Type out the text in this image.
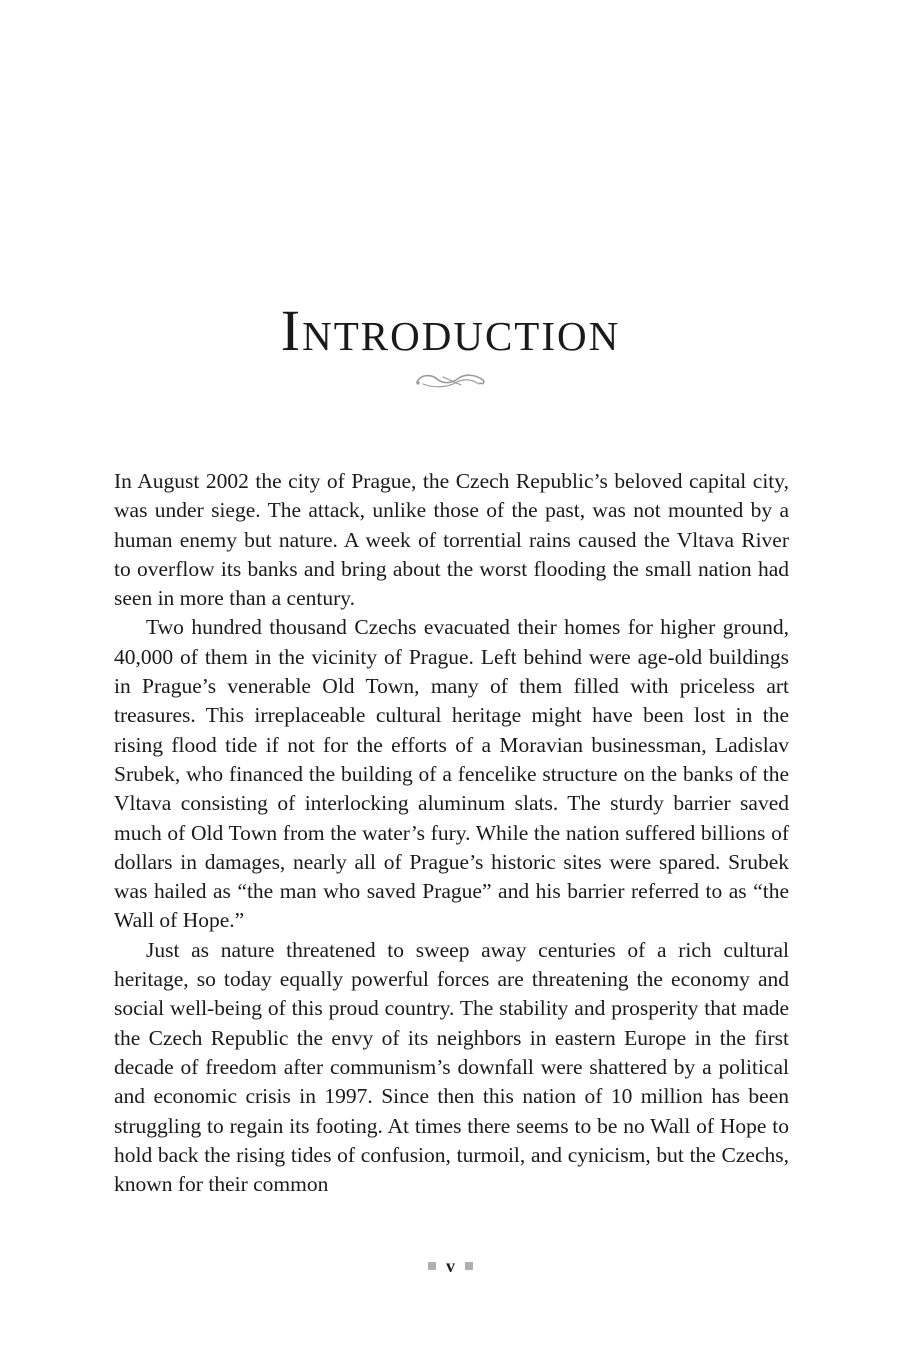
Introduction

In August 2002 the city of Prague, the Czech Republic’s beloved capital city, was under siege. The attack, unlike those of the past, was not mounted by a human enemy but nature. A week of torrential rains caused the Vltava River to overflow its banks and bring about the worst flooding the small nation had seen in more than a century.

Two hundred thousand Czechs evacuated their homes for higher ground, 40,000 of them in the vicinity of Prague. Left behind were age-old buildings in Prague’s venerable Old Town, many of them filled with priceless art treasures. This irreplaceable cultural heritage might have been lost in the rising flood tide if not for the efforts of a Moravian businessman, Ladislav Srubek, who financed the building of a fencelike structure on the banks of the Vltava consisting of interlocking aluminum slats. The sturdy barrier saved much of Old Town from the water’s fury. While the nation suffered billions of dollars in damages, nearly all of Prague’s historic sites were spared. Srubek was hailed as “the man who saved Prague” and his barrier referred to as “the Wall of Hope.”

Just as nature threatened to sweep away centuries of a rich cultural heritage, so today equally powerful forces are threatening the economy and social well-being of this proud country. The stability and prosperity that made the Czech Republic the envy of its neighbors in eastern Europe in the first decade of freedom after communism’s downfall were shattered by a political and economic crisis in 1997. Since then this nation of 10 million has been struggling to regain its footing. At times there seems to be no Wall of Hope to hold back the rising tides of confusion, turmoil, and cynicism, but the Czechs, known for their common

v
